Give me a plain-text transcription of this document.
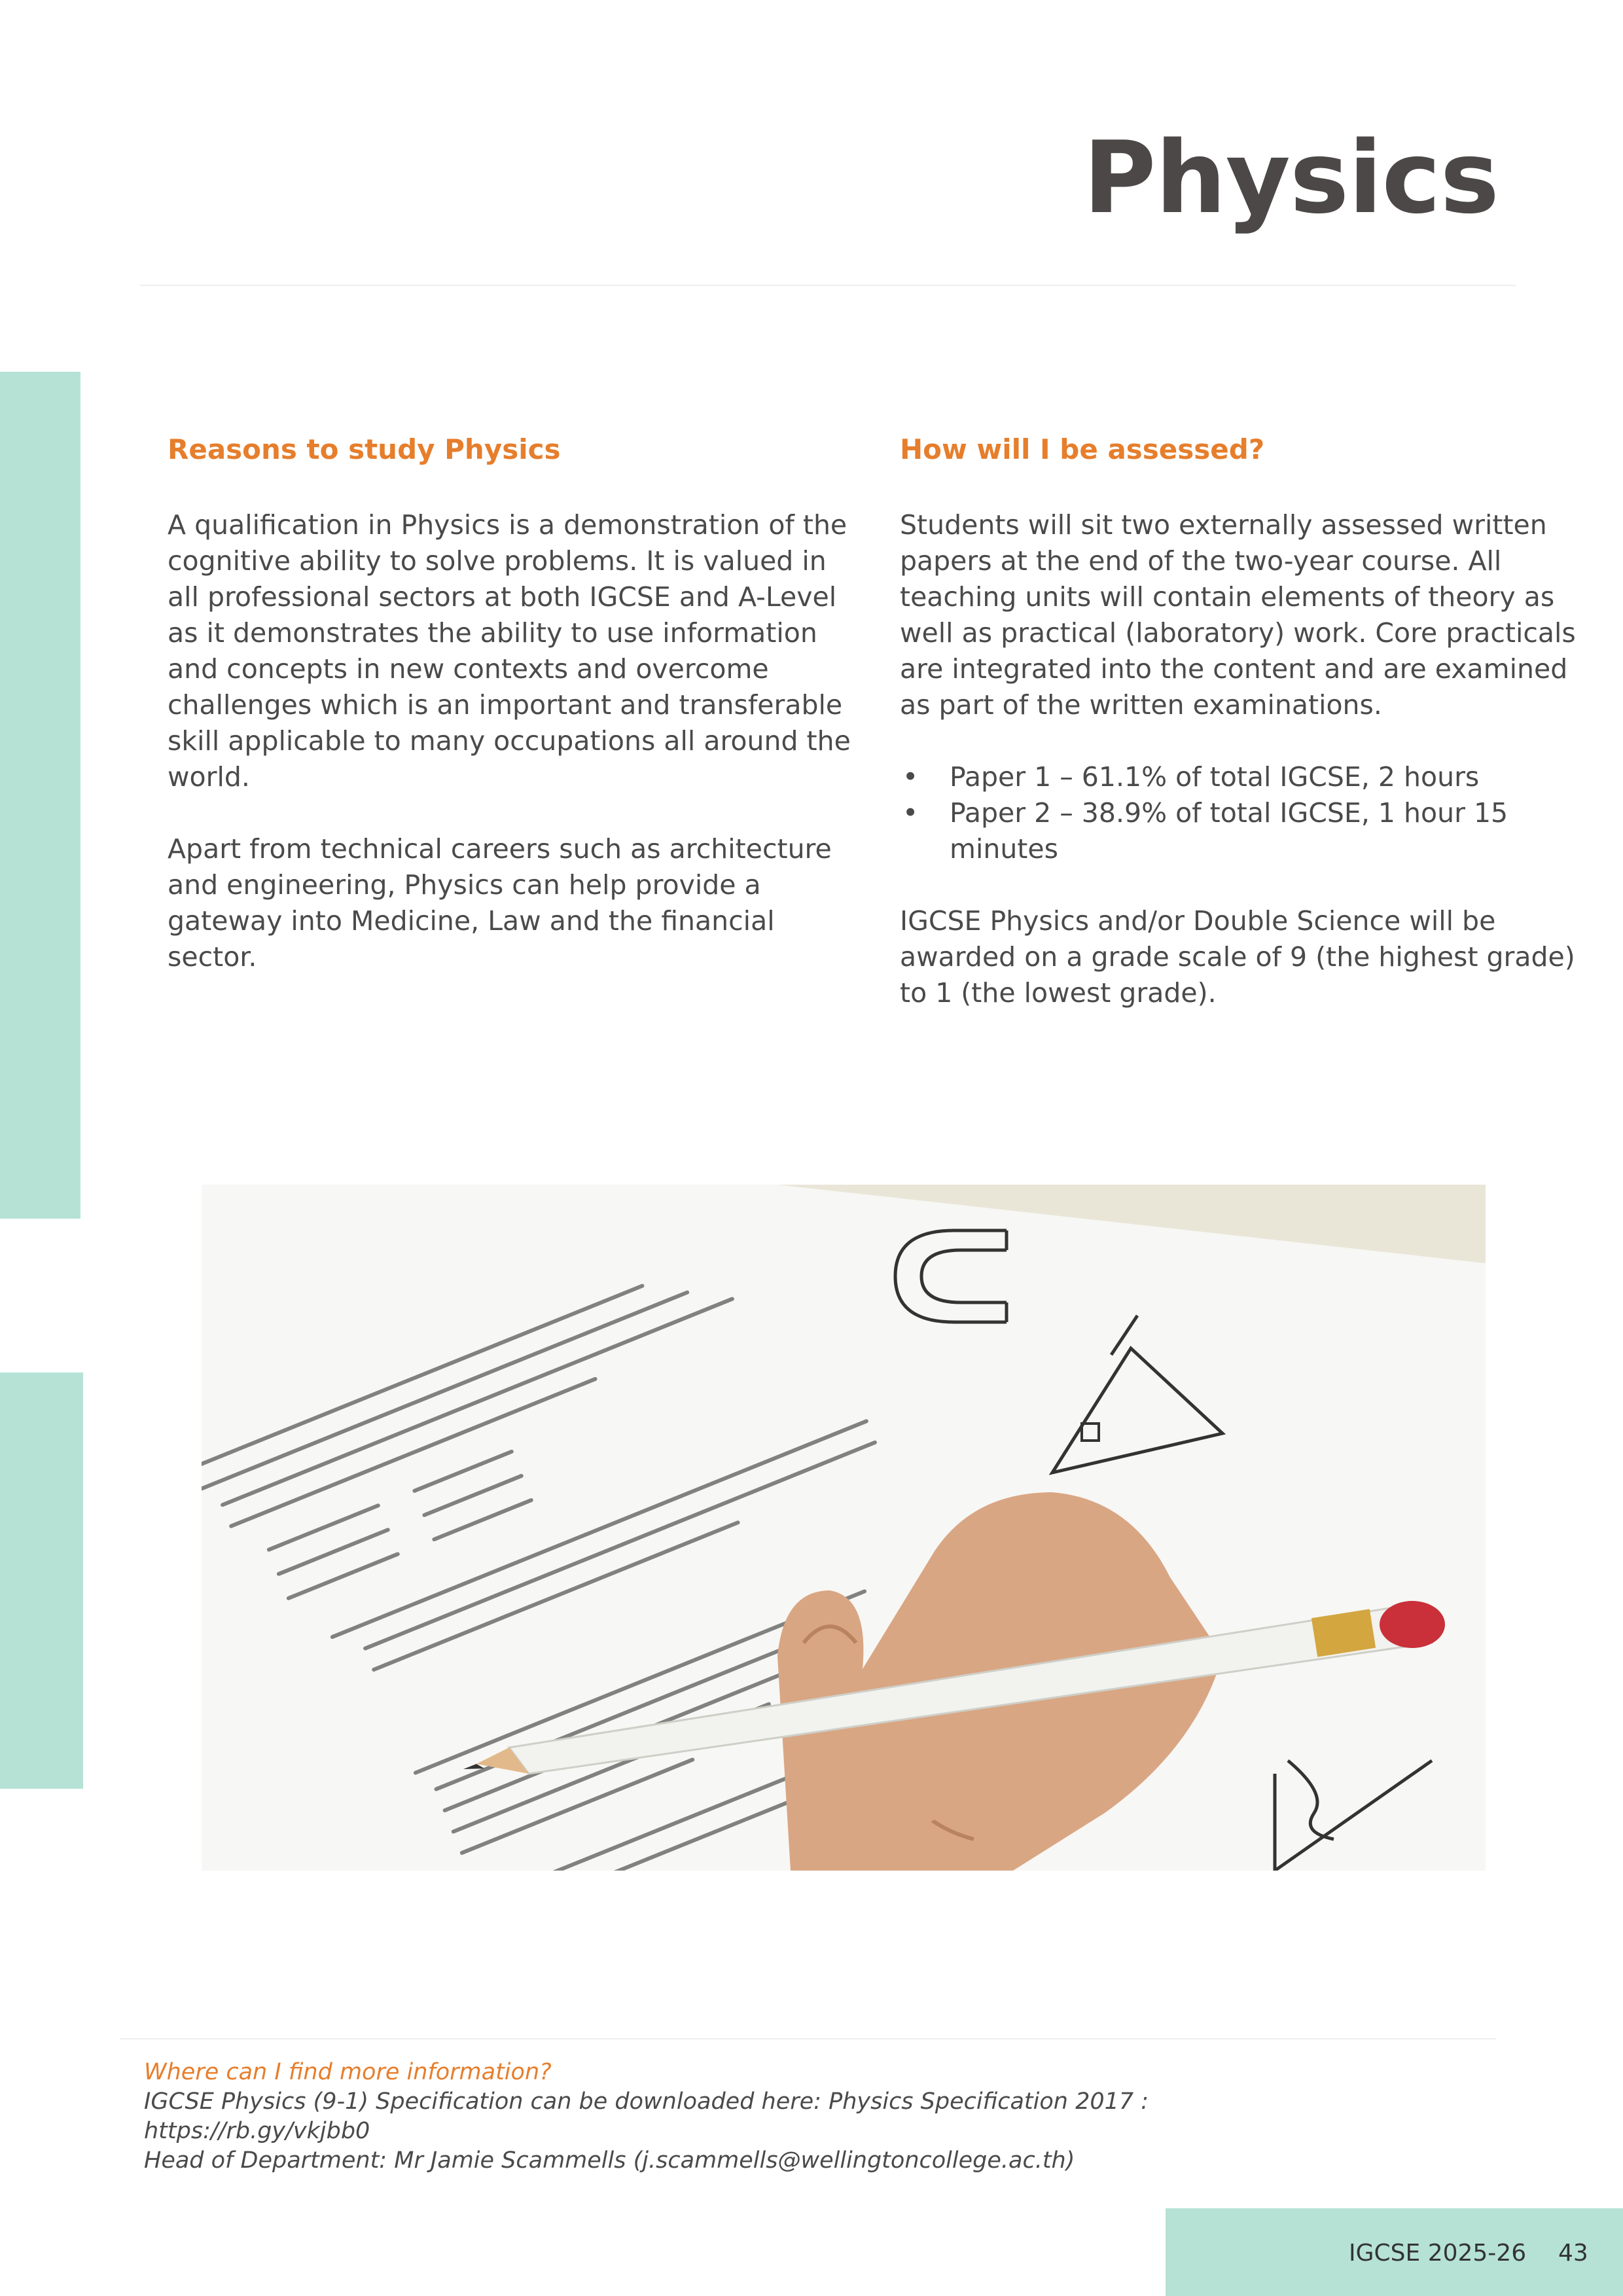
Physics
Reasons to study Physics

A qualification in Physics is a demonstration of the cognitive ability to solve problems. It is valued in all professional sectors at both IGCSE and A-Level as it demonstrates the ability to use information and concepts in new contexts and overcome challenges which is an important and transferable skill applicable to many occupations all around the world.

Apart from technical careers such as architecture and engineering, Physics can help provide a gateway into Medicine, Law and the financial sector.

How will I be assessed?

Students will sit two externally assessed written papers at the end of the two-year course. All teaching units will contain elements of theory as well as practical (laboratory) work. Core practicals are integrated into the content and are examined as part of the written examinations.

• Paper 1 – 61.1% of total IGCSE, 2 hours
• Paper 2 – 38.9% of total IGCSE, 1 hour 15 minutes

IGCSE Physics and/or Double Science will be awarded on a grade scale of 9 (the highest grade) to 1 (the lowest grade).

Where can I find more information?

IGCSE Physics (9-1) Specification can be downloaded here: Physics Specification 2017 :

https://rb.gy/vkjbb0

Head of Department: Mr Jamie Scammells (j.scammells@wellingtoncollege.ac.th)

IGCSE 2025-26 43
